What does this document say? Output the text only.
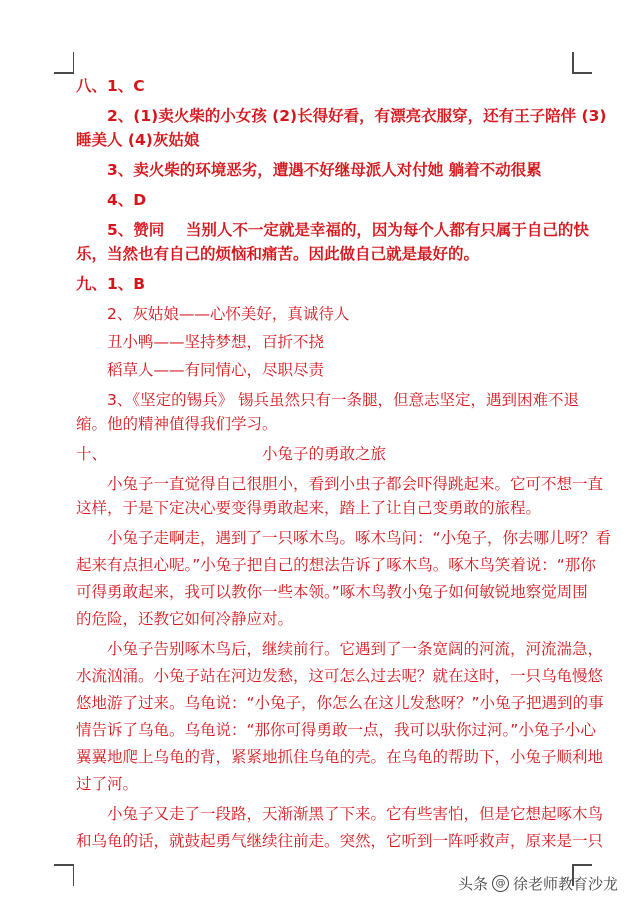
八、1、C
2、(1)卖火柴的小女孩 (2)长得好看，有漂亮衣服穿，还有王子陪伴 (3)
睡美人 (4)灰姑娘
3、卖火柴的环境恶劣，遭遇不好继母派人对付她 躺着不动很累
4、D
5、赞同    当别人不一定就是幸福的，因为每个人都有只属于自己的快
乐，当然也有自己的烦恼和痛苦。因此做自己就是最好的。
九、1、B
2、灰姑娘——心怀美好，真诚待人
丑小鸭——坚持梦想，百折不挠
稻草人——有同情心，尽职尽责
3、《坚定的锡兵》 锡兵虽然只有一条腿，但意志坚定，遇到困难不退
缩。他的精神值得我们学习。
十、	小兔子的勇敢之旅
小兔子一直觉得自己很胆小，看到小虫子都会吓得跳起来。它可不想一直
这样，于是下定决心要变得勇敢起来，踏上了让自己变勇敢的旅程。
小兔子走啊走，遇到了一只啄木鸟。啄木鸟问：“小兔子，你去哪儿呀？看
起来有点担心呢。”小兔子把自己的想法告诉了啄木鸟。啄木鸟笑着说：“那你
可得勇敢起来，我可以教你一些本领。”啄木鸟教小兔子如何敏锐地察觉周围
的危险，还教它如何冷静应对。
小兔子告别啄木鸟后，继续前行。它遇到了一条宽阔的河流，河流湍急，
水流汹涌。小兔子站在河边发愁，这可怎么过去呢？就在这时，一只乌龟慢悠
悠地游了过来。乌龟说：“小兔子，你怎么在这儿发愁呀？”小兔子把遇到的事
情告诉了乌龟。乌龟说：“那你可得勇敢一点，我可以驮你过河。”小兔子小心
翼翼地爬上乌龟的背，紧紧地抓住乌龟的壳。在乌龟的帮助下，小兔子顺利地
过了河。
小兔子又走了一段路，天渐渐黑了下来。它有些害怕，但是它想起啄木鸟
和乌龟的话，就鼓起勇气继续往前走。突然，它听到一阵呼救声，原来是一只
头条 @ 徐老师教育沙龙
